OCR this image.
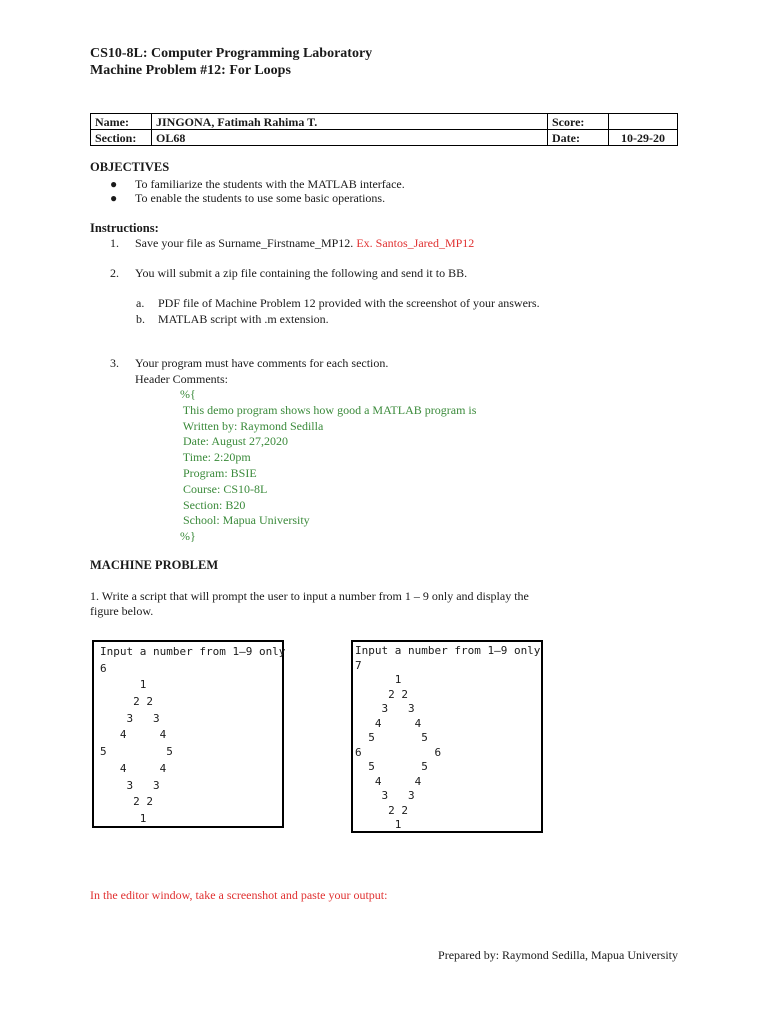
CS10-8L: Computer Programming Laboratory
Machine Problem #12: For Loops
Name:	JINGONA, Fatimah Rahima T.	Score:	
Section:	OL68	Date:	10-29-20
OBJECTIVES
● To familiarize the students with the MATLAB interface.
● To enable the students to use some basic operations.
Instructions:
1. Save your file as Surname_Firstname_MP12. Ex. Santos_Jared_MP12
2. You will submit a zip file containing the following and send it to BB.
a. PDF file of Machine Problem 12 provided with the screenshot of your answers.
b. MATLAB script with .m extension.
3. Your program must have comments for each section.
Header Comments:
%{
This demo program shows how good a MATLAB program is
Written by: Raymond Sedilla
Date: August 27,2020
Time: 2:20pm
Program: BSIE
Course: CS10-8L
Section: B20
School: Mapua University
%}
MACHINE PROBLEM
1. Write a script that will prompt the user to input a number from 1 – 9 only and display the
figure below.
Input a number from 1–9 only
6
1
2 2
3   3
4     4
5         5
4     4
3   3
2 2
1
Input a number from 1–9 only
7
1
2 2
3   3
4     4
5       5
6           6
5       5
4     4
3   3
2 2
1
In the editor window, take a screenshot and paste your output:
Prepared by: Raymond Sedilla, Mapua University
